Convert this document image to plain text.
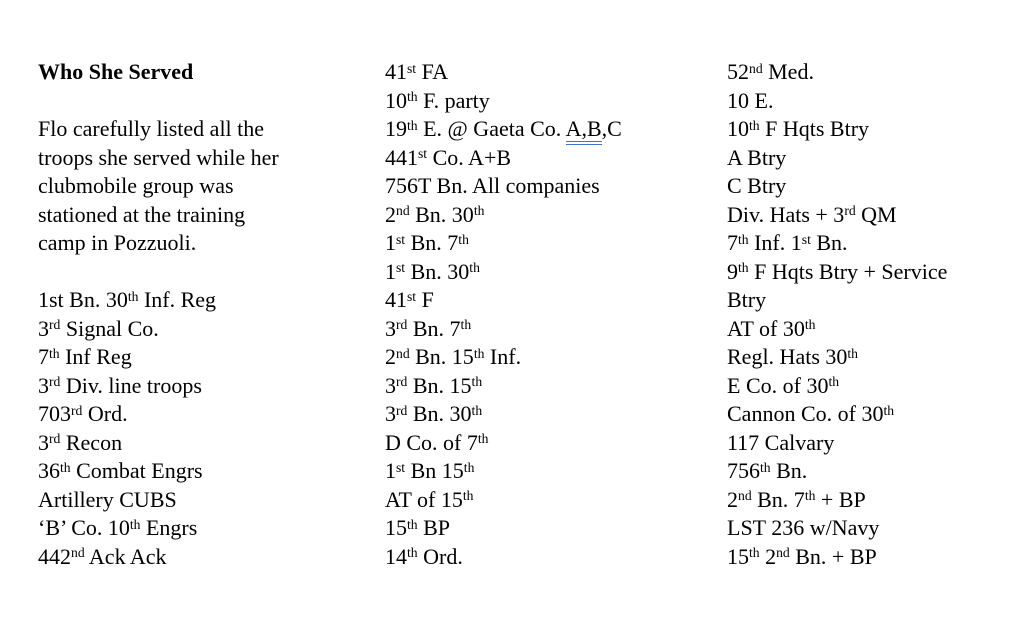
Who She Served

Flo carefully listed all the
troops she served while her
clubmobile group was
stationed at the training
camp in Pozzuoli.

1st Bn. 30th Inf. Reg
3rd Signal Co.
7th Inf Reg
3rd Div. line troops
703rd Ord.
3rd Recon
36th Combat Engrs
Artillery CUBS
‘B’ Co. 10th Engrs
442nd Ack Ack
41st FA
10th F. party
19th E. @ Gaeta Co. A,B,C
441st Co. A+B
756T Bn. All companies
2nd Bn. 30th
1st Bn. 7th
1st Bn. 30th
41st F
3rd Bn. 7th
2nd Bn. 15th Inf.
3rd Bn. 15th
3rd Bn. 30th
D Co. of 7th
1st Bn 15th
AT of 15th
15th BP
14th Ord.
52nd Med.
10 E.
10th F Hqts Btry
A Btry
C Btry
Div. Hats + 3rd QM
7th Inf. 1st Bn.
9th F Hqts Btry + Service
Btry
AT of 30th
Regl. Hats 30th
E Co. of 30th
Cannon Co. of 30th
117 Calvary
756th Bn.
2nd Bn. 7th + BP
LST 236 w/Navy
15th 2nd Bn. + BP
